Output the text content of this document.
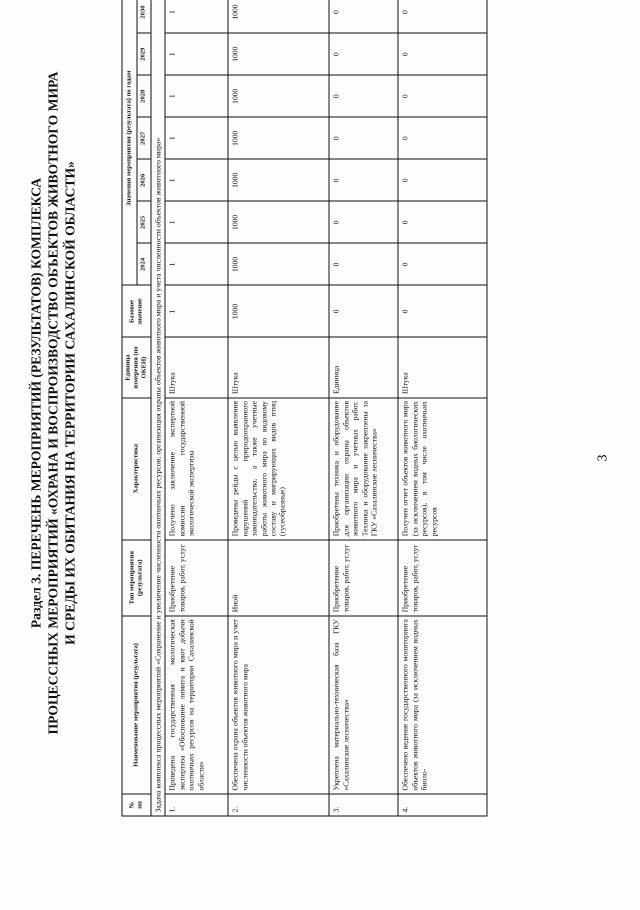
3
Раздел 3. ПЕРЕЧЕНЬ МЕРОПРИЯТИЙ (РЕЗУЛЬТАТОВ) КОМПЛЕКСА ПРОЦЕССНЫХ МЕРОПРИЯТИЙ «ОХРАНА И ВОСПРОИЗВОДСТВО ОБЪЕКТОВ ЖИВОТНОГО МИРА И СРЕДЫ ИХ ОБИТАНИЯ НА ТЕРРИТОРИИ САХАЛИНСКОЙ ОБЛАСТИ»
№ пп	Наименование мероприятия (результата)	Тип мероприятия (результата)	Характеристика	Единица измерения (по ОКЕИ)	Базовое значение	Значения мероприятия (результата) по годам						
						2024	2025	2026	2027	2028	2029	2030
Задача комплекса процессных мероприятий «Сохранение и увеличение численности охотничьих ресурсов, организация охраны объектов животного мира и учета численности объектов животного мира»												
1.	Проведена государственная экологическая экспертиза «Обоснование лимита и квот добычи охотничьих ресурсов на территории Сахалинской области»	Приобретение товаров, работ, услуг	Получено заключение экспертной комиссии государственной экологической экспертизы	Штука	1	1	1	1	1	1	1	1
2.	Обеспечена охрана объектов животного мира и учет численности объектов животного мира	Иной	Проведены рейды с целью выявления нарушений природоохранного законодательства, а также учетные работы животного мира по видовому составу и мигрирующих видов птиц (гусеобразные)	Штука	1000	1000	1000	1000	1000	1000	1000	1000
3.	Укреплена материально-техническая база ГКУ «Сахалинские лесничества»	Приобретение товаров, работ, услуг	Приобретены техника и оборудование для организации охраны объектов животного мира и учетных работ. Техника и оборудование закреплены за ГКУ «Сахалинские лесничества»	Единица	0	0	0	0	0	0	0	0
4.	Обеспечено ведение государственного мониторинга объектов животного мира (за исключением водных биоло-	Приобретение товаров, работ, услуг	Получен отчет объектов животного мира (за исключением водных биологических ресурсов), в том числе охотничьих ресурсов	Штука	0	0	0	0	0	0	0	0
